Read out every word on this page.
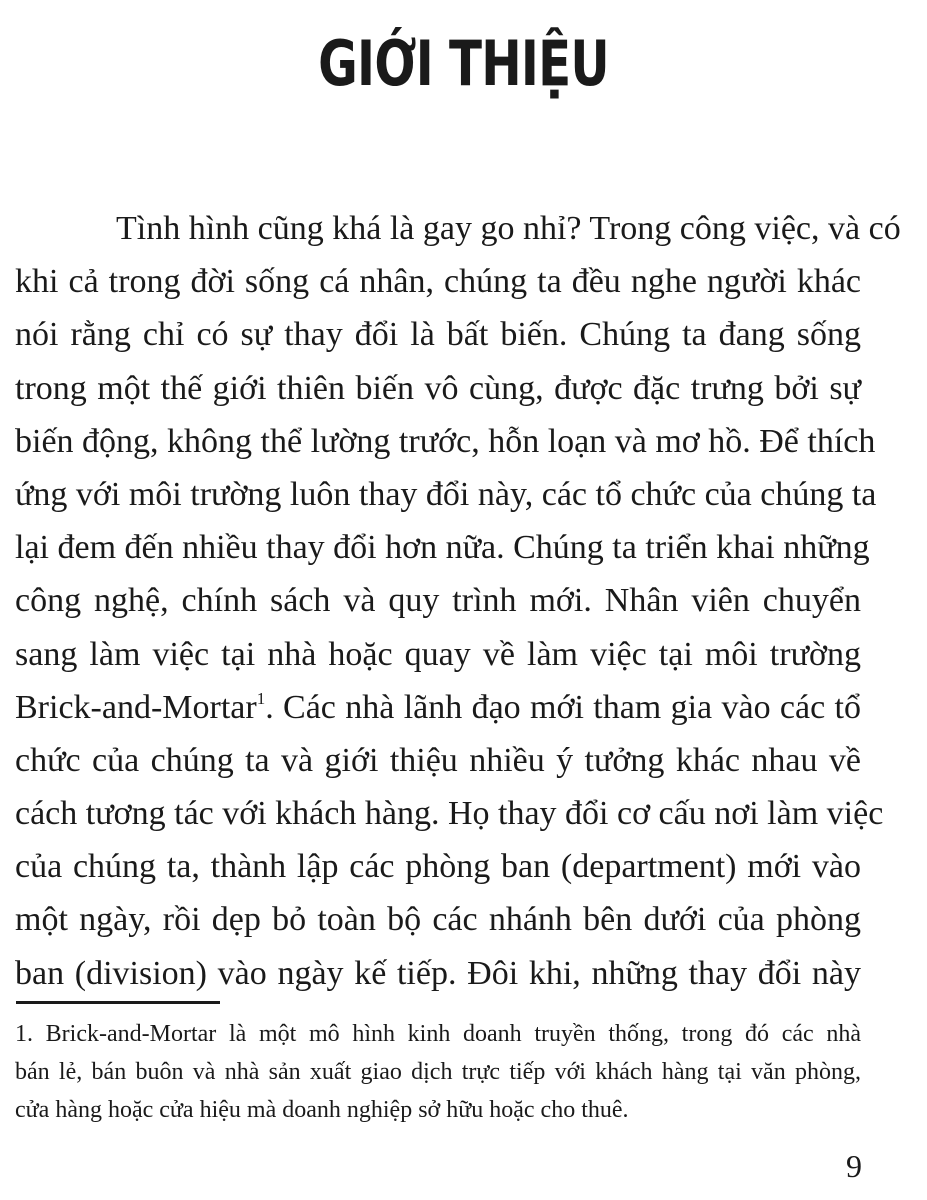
GIỚI THIỆU
Tình hình cũng khá là gay go nhỉ? Trong công việc, và có
khi cả trong đời sống cá nhân, chúng ta đều nghe người khác
nói rằng chỉ có sự thay đổi là bất biến. Chúng ta đang sống
trong một thế giới thiên biến vô cùng, được đặc trưng bởi sự
biến động, không thể lường trước, hỗn loạn và mơ hồ. Để thích
ứng với môi trường luôn thay đổi này, các tổ chức của chúng ta
lại đem đến nhiều thay đổi hơn nữa. Chúng ta triển khai những
công nghệ, chính sách và quy trình mới. Nhân viên chuyển
sang làm việc tại nhà hoặc quay về làm việc tại môi trường
Brick-and-Mortar$^1$. Các nhà lãnh đạo mới tham gia vào các tổ
chức của chúng ta và giới thiệu nhiều ý tưởng khác nhau về
cách tương tác với khách hàng. Họ thay đổi cơ cấu nơi làm việc
của chúng ta, thành lập các phòng ban (department) mới vào
một ngày, rồi dẹp bỏ toàn bộ các nhánh bên dưới của phòng
ban (division) vào ngày kế tiếp. Đôi khi, những thay đổi này
1. Brick-and-Mortar là một mô hình kinh doanh truyền thống, trong đó các nhà
bán lẻ, bán buôn và nhà sản xuất giao dịch trực tiếp với khách hàng tại văn phòng,
cửa hàng hoặc cửa hiệu mà doanh nghiệp sở hữu hoặc cho thuê.
9
